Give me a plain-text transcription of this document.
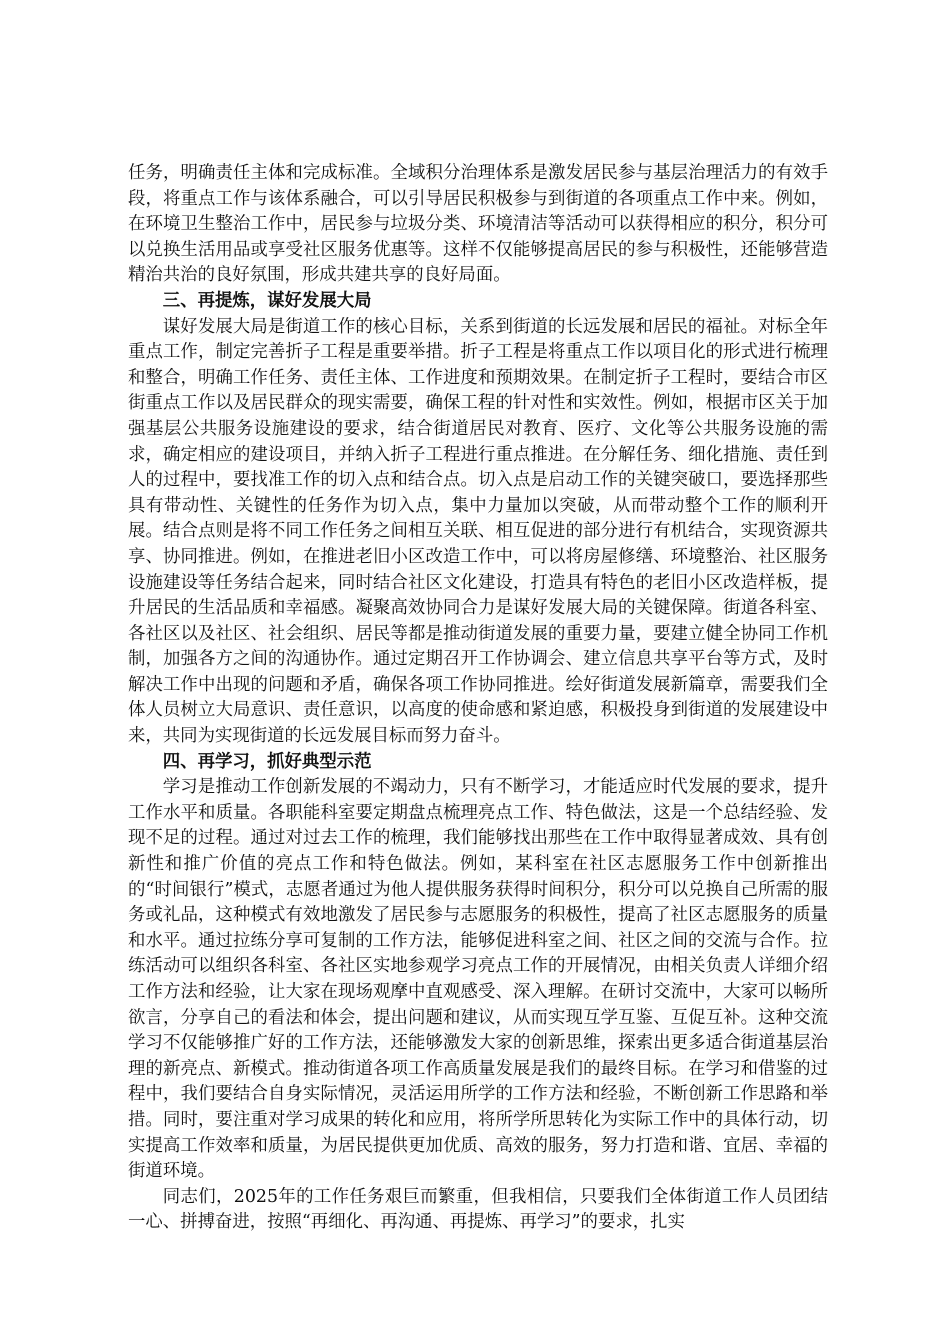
任务，明确责任主体和完成标准。全域积分治理体系是激发居民参与基层治理活力的有效手段，将重点工作与该体系融合，可以引导居民积极参与到街道的各项重点工作中来。例如，在环境卫生整治工作中，居民参与垃圾分类、环境清洁等活动可以获得相应的积分，积分可以兑换生活用品或享受社区服务优惠等。这样不仅能够提高居民的参与积极性，还能够营造精治共治的良好氛围，形成共建共享的良好局面。

三、再提炼，谋好发展大局

谋好发展大局是街道工作的核心目标，关系到街道的长远发展和居民的福祉。对标全年重点工作，制定完善折子工程是重要举措。折子工程是将重点工作以项目化的形式进行梳理和整合，明确工作任务、责任主体、工作进度和预期效果。在制定折子工程时，要结合市区街重点工作以及居民群众的现实需要，确保工程的针对性和实效性。例如，根据市区关于加强基层公共服务设施建设的要求，结合街道居民对教育、医疗、文化等公共服务设施的需求，确定相应的建设项目，并纳入折子工程进行重点推进。在分解任务、细化措施、责任到人的过程中，要找准工作的切入点和结合点。切入点是启动工作的关键突破口，要选择那些具有带动性、关键性的任务作为切入点，集中力量加以突破，从而带动整个工作的顺利开展。结合点则是将不同工作任务之间相互关联、相互促进的部分进行有机结合，实现资源共享、协同推进。例如，在推进老旧小区改造工作中，可以将房屋修缮、环境整治、社区服务设施建设等任务结合起来，同时结合社区文化建设，打造具有特色的老旧小区改造样板，提升居民的生活品质和幸福感。凝聚高效协同合力是谋好发展大局的关键保障。街道各科室、各社区以及社区、社会组织、居民等都是推动街道发展的重要力量，要建立健全协同工作机制，加强各方之间的沟通协作。通过定期召开工作协调会、建立信息共享平台等方式，及时解决工作中出现的问题和矛盾，确保各项工作协同推进。绘好街道发展新篇章，需要我们全体人员树立大局意识、责任意识，以高度的使命感和紧迫感，积极投身到街道的发展建设中来，共同为实现街道的长远发展目标而努力奋斗。

四、再学习，抓好典型示范

学习是推动工作创新发展的不竭动力，只有不断学习，才能适应时代发展的要求，提升工作水平和质量。各职能科室要定期盘点梳理亮点工作、特色做法，这是一个总结经验、发现不足的过程。通过对过去工作的梳理，我们能够找出那些在工作中取得显著成效、具有创新性和推广价值的亮点工作和特色做法。例如，某科室在社区志愿服务工作中创新推出的“时间银行”模式，志愿者通过为他人提供服务获得时间积分，积分可以兑换自己所需的服务或礼品，这种模式有效地激发了居民参与志愿服务的积极性，提高了社区志愿服务的质量和水平。通过拉练分享可复制的工作方法，能够促进科室之间、社区之间的交流与合作。拉练活动可以组织各科室、各社区实地参观学习亮点工作的开展情况，由相关负责人详细介绍工作方法和经验，让大家在现场观摩中直观感受、深入理解。在研讨交流中，大家可以畅所欲言，分享自己的看法和体会，提出问题和建议，从而实现互学互鉴、互促互补。这种交流学习不仅能够推广好的工作方法，还能够激发大家的创新思维，探索出更多适合街道基层治理的新亮点、新模式。推动街道各项工作高质量发展是我们的最终目标。在学习和借鉴的过程中，我们要结合自身实际情况，灵活运用所学的工作方法和经验，不断创新工作思路和举措。同时，要注重对学习成果的转化和应用，将所学所思转化为实际工作中的具体行动，切实提高工作效率和质量，为居民提供更加优质、高效的服务，努力打造和谐、宜居、幸福的街道环境。

同志们，2025年的工作任务艰巨而繁重，但我相信，只要我们全体街道工作人员团结一心、拼搏奋进，按照“再细化、再沟通、再提炼、再学习”的要求，扎实
